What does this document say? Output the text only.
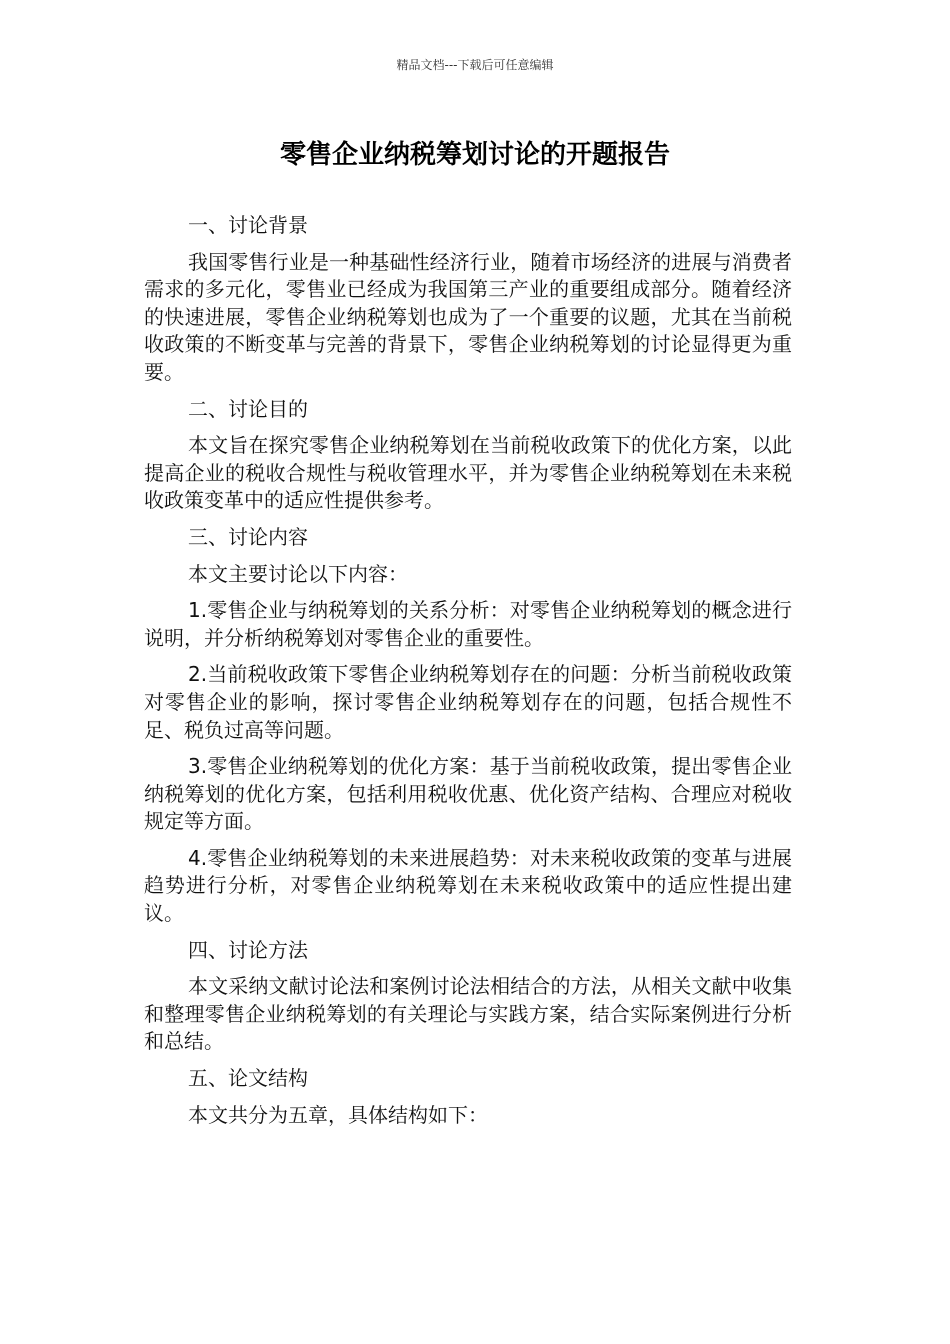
精品文档---下载后可任意编辑
零售企业纳税筹划讨论的开题报告

一、讨论背景

我国零售行业是一种基础性经济行业，随着市场经济的进展与消费者需求的多元化，零售业已经成为我国第三产业的重要组成部分。随着经济的快速进展，零售企业纳税筹划也成为了一个重要的议题，尤其在当前税收政策的不断变革与完善的背景下，零售企业纳税筹划的讨论显得更为重要。

二、讨论目的

本文旨在探究零售企业纳税筹划在当前税收政策下的优化方案，以此提高企业的税收合规性与税收管理水平，并为零售企业纳税筹划在未来税收政策变革中的适应性提供参考。

三、讨论内容

本文主要讨论以下内容：

1.零售企业与纳税筹划的关系分析：对零售企业纳税筹划的概念进行说明，并分析纳税筹划对零售企业的重要性。

2.当前税收政策下零售企业纳税筹划存在的问题：分析当前税收政策对零售企业的影响，探讨零售企业纳税筹划存在的问题，包括合规性不足、税负过高等问题。

3.零售企业纳税筹划的优化方案：基于当前税收政策，提出零售企业纳税筹划的优化方案，包括利用税收优惠、优化资产结构、合理应对税收规定等方面。

4.零售企业纳税筹划的未来进展趋势：对未来税收政策的变革与进展趋势进行分析，对零售企业纳税筹划在未来税收政策中的适应性提出建议。

四、讨论方法

本文采纳文献讨论法和案例讨论法相结合的方法，从相关文献中收集和整理零售企业纳税筹划的有关理论与实践方案，结合实际案例进行分析和总结。

五、论文结构

本文共分为五章，具体结构如下：
